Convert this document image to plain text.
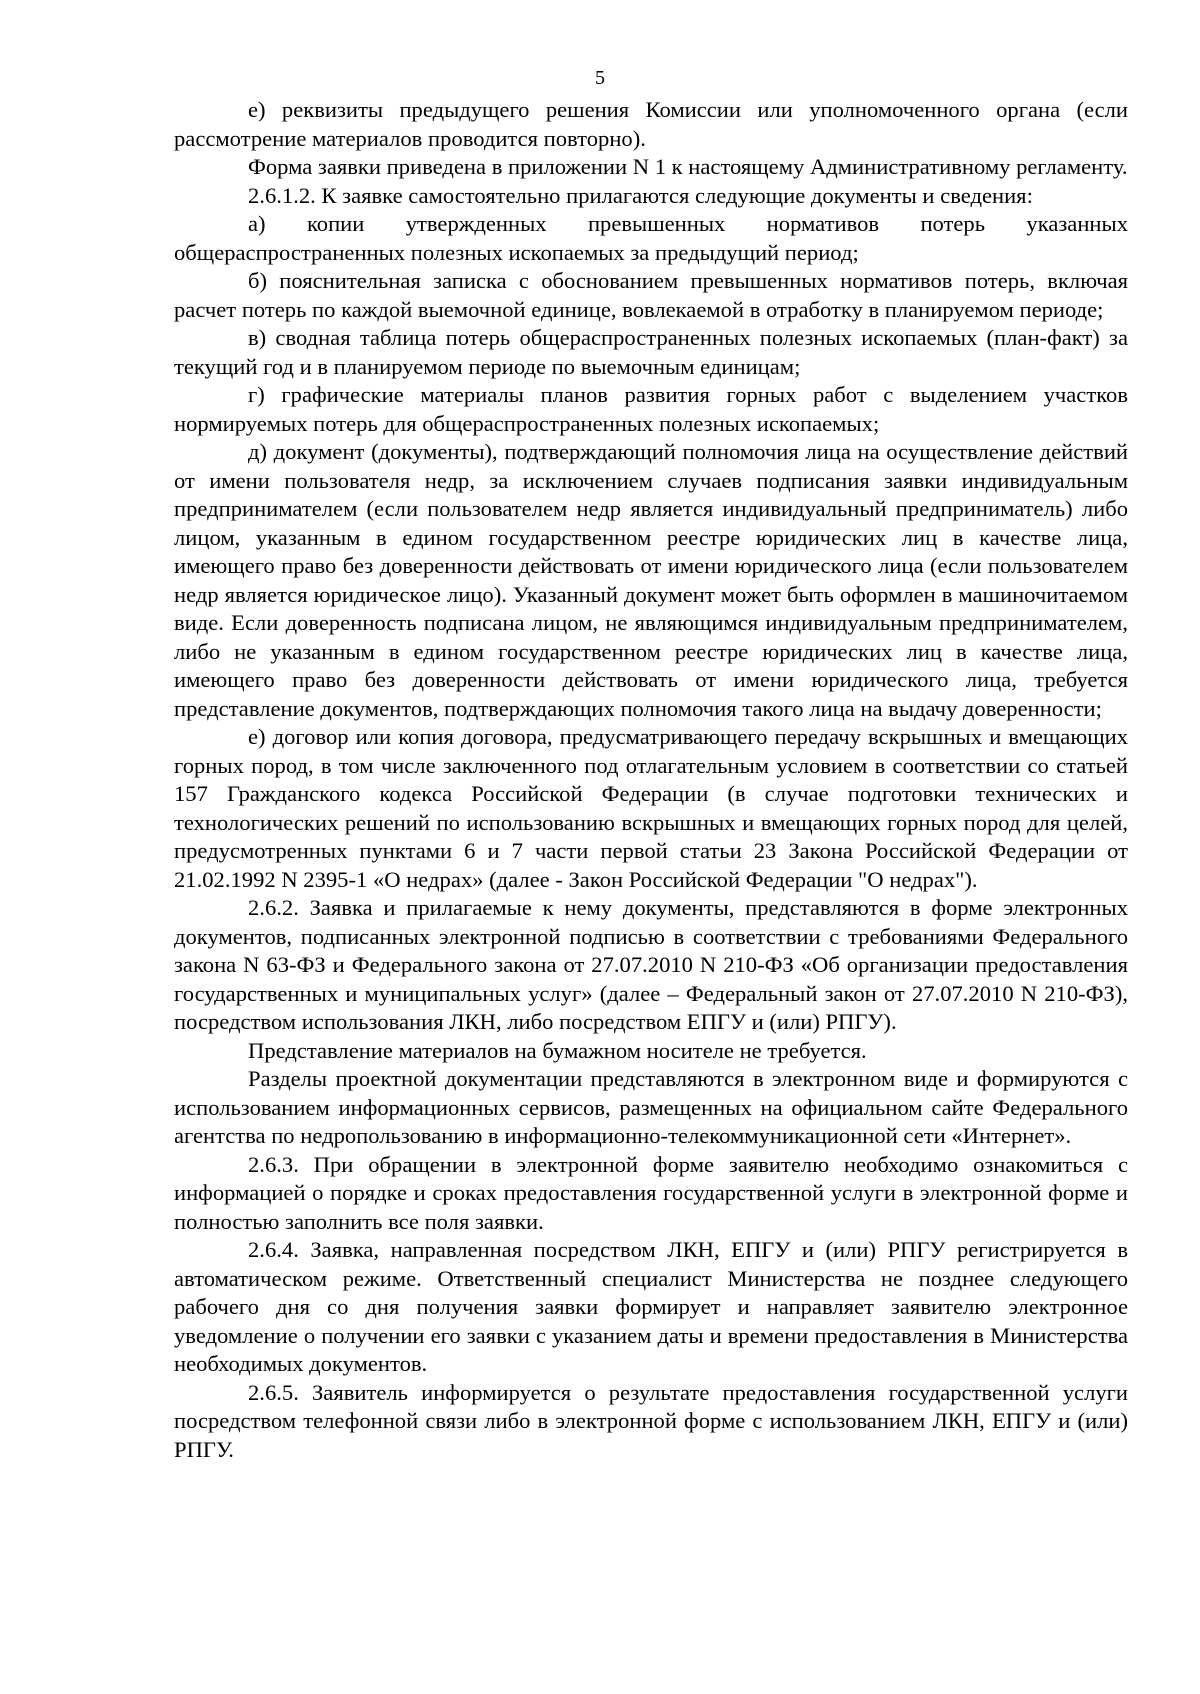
5

е) реквизиты предыдущего решения Комиссии или уполномоченного органа (если рассмотрение материалов проводится повторно).

Форма заявки приведена в приложении N 1 к настоящему Административному регламенту.

2.6.1.2. К заявке самостоятельно прилагаются следующие документы и сведения:

а) копии утвержденных превышенных нормативов потерь указанных общераспространенных полезных ископаемых за предыдущий период;

б) пояснительная записка с обоснованием превышенных нормативов потерь, включая расчет потерь по каждой выемочной единице, вовлекаемой в отработку в планируемом периоде;

в) сводная таблица потерь общераспространенных полезных ископаемых (план-факт) за текущий год и в планируемом периоде по выемочным единицам;

г) графические материалы планов развития горных работ с выделением участков нормируемых потерь для общераспространенных полезных ископаемых;

д) документ (документы), подтверждающий полномочия лица на осуществление действий от имени пользователя недр, за исключением случаев подписания заявки индивидуальным предпринимателем (если пользователем недр является индивидуальный предприниматель) либо лицом, указанным в едином государственном реестре юридических лиц в качестве лица, имеющего право без доверенности действовать от имени юридического лица (если пользователем недр является юридическое лицо). Указанный документ может быть оформлен в машиночитаемом виде. Если доверенность подписана лицом, не являющимся индивидуальным предпринимателем, либо не указанным в едином государственном реестре юридических лиц в качестве лица, имеющего право без доверенности действовать от имени юридического лица, требуется представление документов, подтверждающих полномочия такого лица на выдачу доверенности;

е) договор или копия договора, предусматривающего передачу вскрышных и вмещающих горных пород, в том числе заключенного под отлагательным условием в соответствии со статьей 157 Гражданского кодекса Российской Федерации (в случае подготовки технических и технологических решений по использованию вскрышных и вмещающих горных пород для целей, предусмотренных пунктами 6 и 7 части первой статьи 23 Закона Российской Федерации от 21.02.1992 N 2395-1 «О недрах» (далее - Закон Российской Федерации "О недрах").

2.6.2. Заявка и прилагаемые к нему документы, представляются в форме электронных документов, подписанных электронной подписью в соответствии с требованиями Федерального закона N 63-ФЗ и Федерального закона от 27.07.2010 N 210-ФЗ «Об организации предоставления государственных и муниципальных услуг» (далее – Федеральный закон от 27.07.2010 N 210-ФЗ), посредством использования ЛКН, либо посредством ЕПГУ и (или) РПГУ).

Представление материалов на бумажном носителе не требуется.

Разделы проектной документации представляются в электронном виде и формируются с использованием информационных сервисов, размещенных на официальном сайте Федерального агентства по недропользованию в информационно-телекоммуникационной сети «Интернет».

2.6.3. При обращении в электронной форме заявителю необходимо ознакомиться с информацией о порядке и сроках предоставления государственной услуги в электронной форме и полностью заполнить все поля заявки.

2.6.4. Заявка, направленная посредством ЛКН, ЕПГУ и (или) РПГУ регистрируется в автоматическом режиме. Ответственный специалист Министерства не позднее следующего рабочего дня со дня получения заявки формирует и направляет заявителю электронное уведомление о получении его заявки с указанием даты и времени предоставления в Министерства необходимых документов.

2.6.5. Заявитель информируется о результате предоставления государственной услуги посредством телефонной связи либо в электронной форме с использованием ЛКН, ЕПГУ и (или) РПГУ.
